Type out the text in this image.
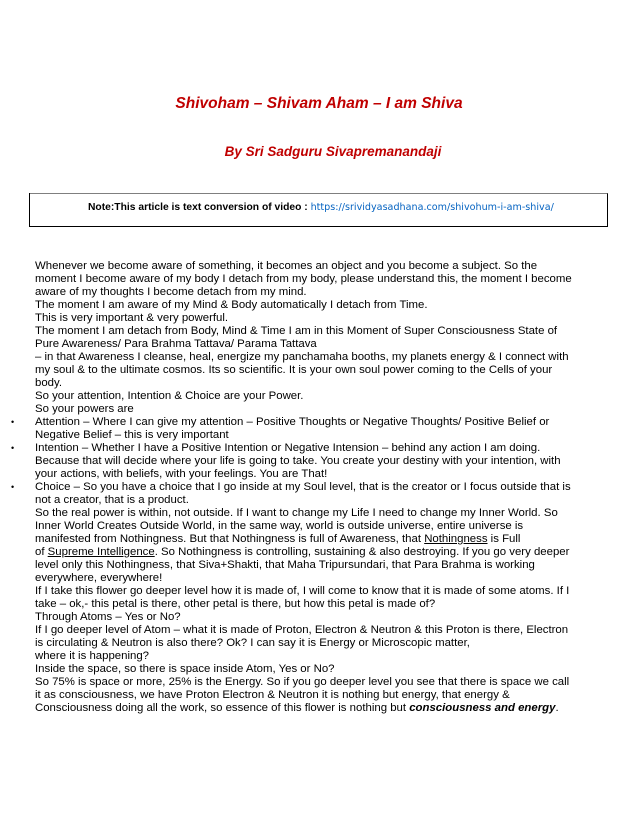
Shivoham – Shivam Aham – I am Shiva
By Sri Sadguru Sivapremanandaji
Note:This article is text conversion of video : https://srividyasadhana.com/shivohum-i-am-shiva/
Whenever we become aware of something, it becomes an object and you become a subject. So the
moment I become aware of my body I detach from my body, please understand this, the moment I become
aware of my thoughts I become detach from my mind.
The moment I am aware of my Mind & Body automatically I detach from Time.
This is very important & very powerful.
The moment I am detach from Body, Mind & Time I am in this Moment of Super Consciousness State of
Pure Awareness/ Para Brahma Tattava/ Parama Tattava
– in that Awareness I cleanse, heal, energize my panchamaha booths, my planets energy & I connect with
my soul & to the ultimate cosmos. Its so scientific. It is your own soul power coming to the Cells of your
body.
So your attention, Intention & Choice are your Power.
So your powers are
• Attention – Where I can give my attention – Positive Thoughts or Negative Thoughts/ Positive Belief or
Negative Belief – this is very important
• Intention – Whether I have a Positive Intention or Negative Intension – behind any action I am doing.
Because that will decide where your life is going to take. You create your destiny with your intention, with
your actions, with beliefs, with your feelings. You are That!
• Choice – So you have a choice that I go inside at my Soul level, that is the creator or I focus outside that is
not a creator, that is a product.
So the real power is within, not outside. If I want to change my Life I need to change my Inner World. So
Inner World Creates Outside World, in the same way, world is outside universe, entire universe is
manifested from Nothingness. But that Nothingness is full of Awareness, that Nothingness is Full
of Supreme Intelligence. So Nothingness is controlling, sustaining & also destroying. If you go very deeper
level only this Nothingness, that Siva+Shakti, that Maha Tripursundari, that Para Brahma is working
everywhere, everywhere!
If I take this flower go deeper level how it is made of, I will come to know that it is made of some atoms. If I
take – ok,- this petal is there, other petal is there, but how this petal is made of?
Through Atoms – Yes or No?
If I go deeper level of Atom – what it is made of Proton, Electron & Neutron & this Proton is there, Electron
is circulating & Neutron is also there? Ok? I can say it is Energy or Microscopic matter,
where it is happening?
Inside the space, so there is space inside Atom, Yes or No?
So 75% is space or more, 25% is the Energy. So if you go deeper level you see that there is space we call
it as consciousness, we have Proton Electron & Neutron it is nothing but energy, that energy &
Consciousness doing all the work, so essence of this flower is nothing but consciousness and energy.
